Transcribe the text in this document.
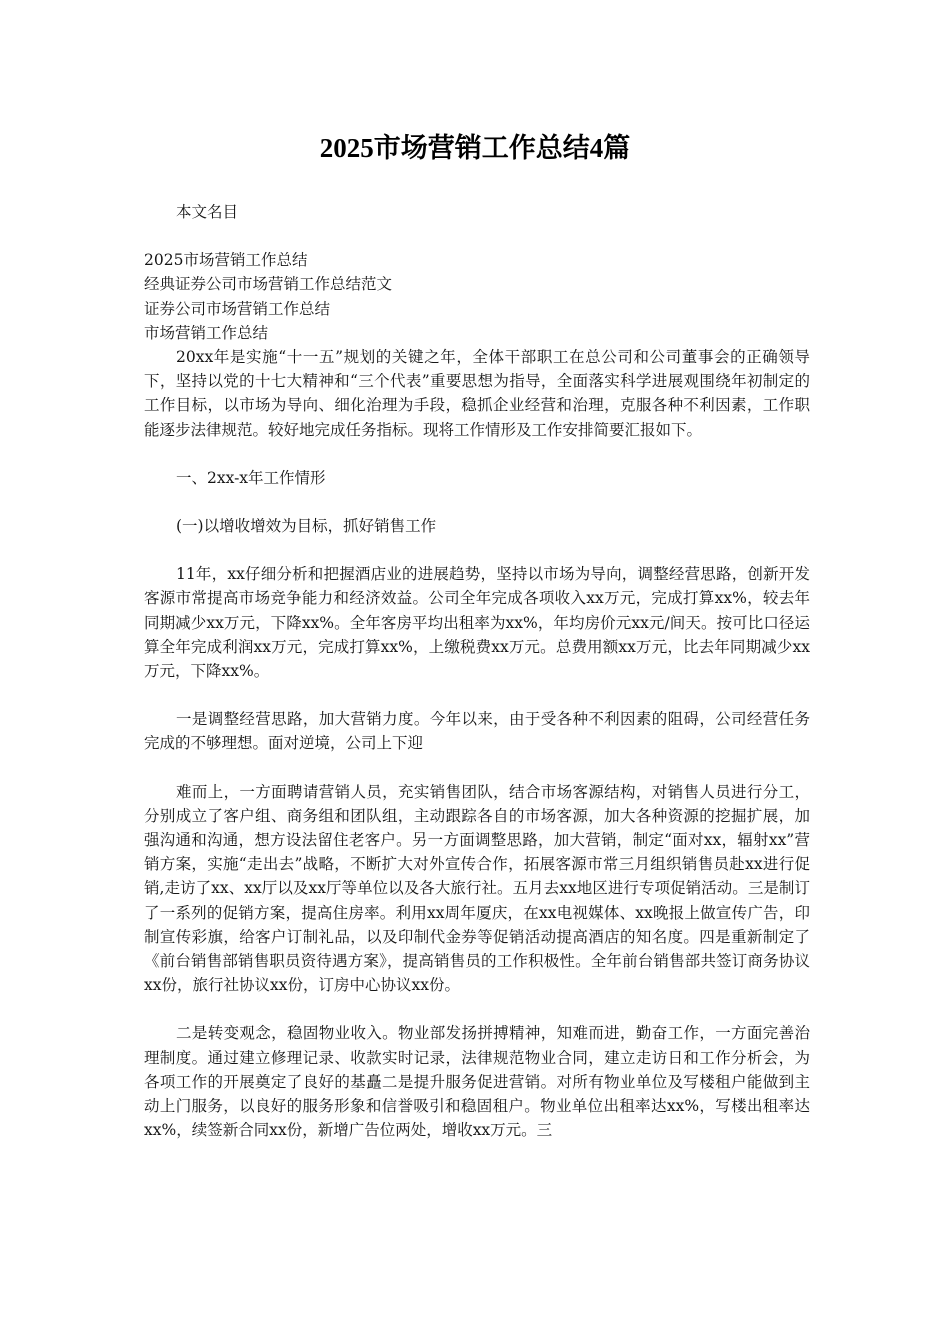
2025市场营销工作总结4篇

本文名目

2025市场营销工作总结
经典证券公司市场营销工作总结范文
证券公司市场营销工作总结
市场营销工作总结

20xx年是实施“十一五”规划的关键之年，全体干部职工在总公司和公司董事会的正确领导下，坚持以党的十七大精神和“三个代表”重要思想为指导，全面落实科学进展观围绕年初制定的工作目标，以市场为导向、细化治理为手段，稳抓企业经营和治理，克服各种不利因素，工作职能逐步法律规范。较好地完成任务指标。现将工作情形及工作安排简要汇报如下。

一、2xx-x年工作情形

(一)以增收增效为目标，抓好销售工作

11年，xx仔细分析和把握酒店业的进展趋势，坚持以市场为导向，调整经营思路，创新开发客源市常提高市场竞争能力和经济效益。公司全年完成各项收入xx万元，完成打算xx%，较去年同期减少xx万元，下降xx%。全年客房平均出租率为xx%，年均房价元xx元/间天。按可比口径运算全年完成利润xx万元，完成打算xx%，上缴税费xx万元。总费用额xx万元，比去年同期减少xx万元，下降xx%。

一是调整经营思路，加大营销力度。今年以来，由于受各种不利因素的阻碍，公司经营任务完成的不够理想。面对逆境，公司上下迎

难而上，一方面聘请营销人员，充实销售团队，结合市场客源结构，对销售人员进行分工，分别成立了客户组、商务组和团队组，主动跟踪各自的市场客源，加大各种资源的挖掘扩展，加强沟通和沟通，想方设法留住老客户。另一方面调整思路，加大营销，制定“面对xx，辐射xx”营销方案，实施“走出去”战略，不断扩大对外宣传合作，拓展客源市常三月组织销售员赴xx进行促销,走访了xx、xx厅以及xx厅等单位以及各大旅行社。五月去xx地区进行专项促销活动。三是制订了一系列的促销方案，提高住房率。利用xx周年厦庆，在xx电视媒体、xx晚报上做宣传广告，印制宣传彩旗，给客户订制礼品，以及印制代金券等促销活动提高酒店的知名度。四是重新制定了《前台销售部销售职员资待遇方案》，提高销售员的工作积极性。全年前台销售部共签订商务协议xx份，旅行社协议xx份，订房中心协议xx份。

二是转变观念，稳固物业收入。物业部发扬拼搏精神，知难而进，勤奋工作，一方面完善治理制度。通过建立修理记录、收款实时记录，法律规范物业合同，建立走访日和工作分析会，为各项工作的开展奠定了良好的基矗二是提升服务促进营销。对所有物业单位及写楼租户能做到主动上门服务，以良好的服务形象和信誉吸引和稳固租户。物业单位出租率达xx%，写楼出租率达xx%，续签新合同xx份，新增广告位两处，增收xx万元。三
